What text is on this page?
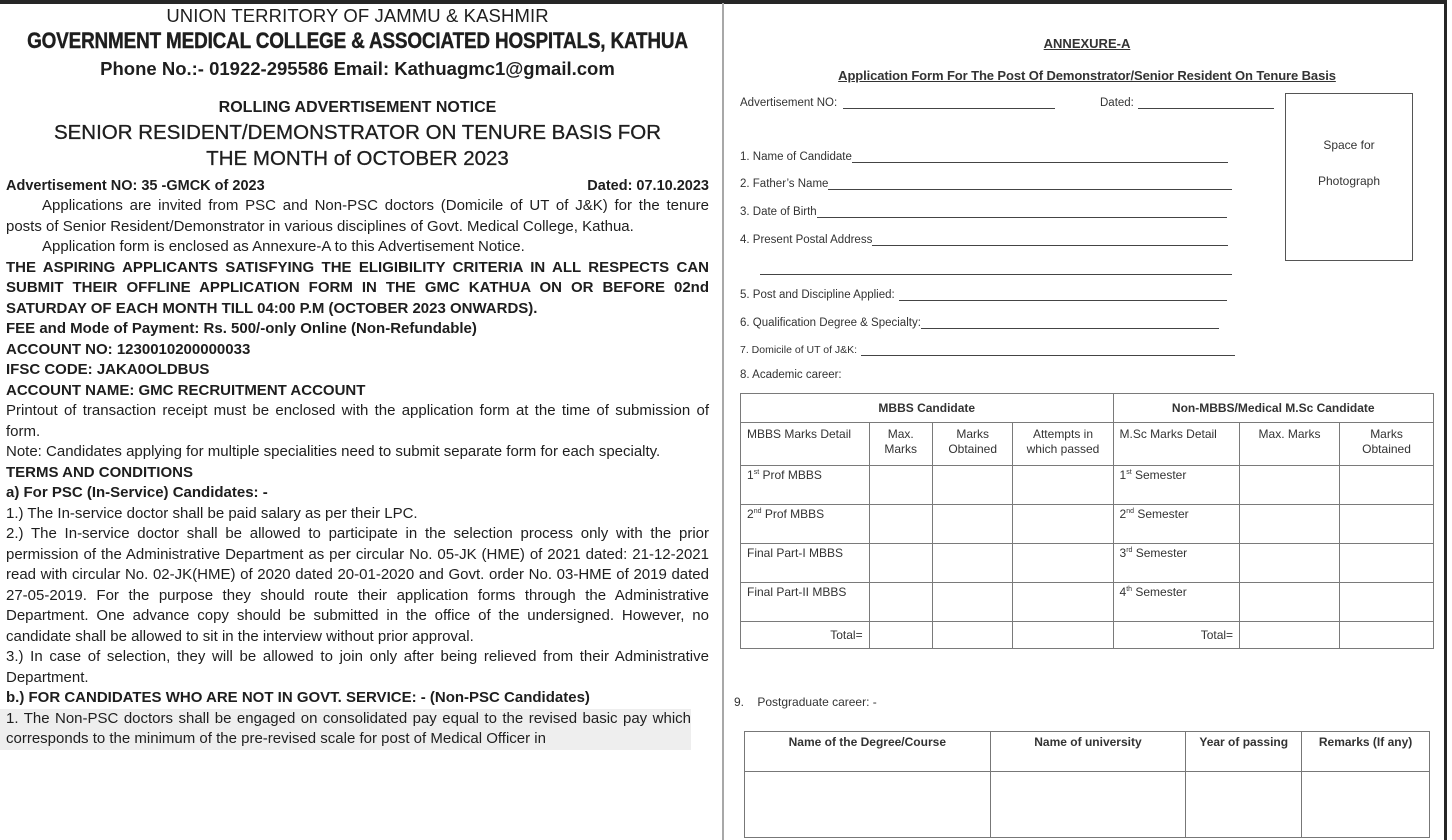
UNION TERRITORY OF JAMMU & KASHMIR
GOVERNMENT MEDICAL COLLEGE & ASSOCIATED HOSPITALS, KATHUA
Phone No.:- 01922-295586 Email: Kathuagmc1@gmail.com
ROLLING ADVERTISEMENT NOTICE
SENIOR RESIDENT/DEMONSTRATOR ON TENURE BASIS FOR
THE MONTH of OCTOBER 2023
Advertisement NO: 35 -GMCK of 2023	Dated: 07.10.2023
Applications are invited from PSC and Non-PSC doctors (Domicile of UT of J&K) for the tenure posts of Senior Resident/Demonstrator in various disciplines of Govt. Medical College, Kathua.
Application form is enclosed as Annexure-A to this Advertisement Notice.
THE ASPIRING APPLICANTS SATISFYING THE ELIGIBILITY CRITERIA IN ALL RESPECTS CAN SUBMIT THEIR OFFLINE APPLICATION FORM IN THE GMC KATHUA ON OR BEFORE 02nd SATURDAY OF EACH MONTH TILL 04:00 P.M (OCTOBER 2023 ONWARDS).
FEE and Mode of Payment: Rs. 500/-only Online (Non-Refundable)
ACCOUNT NO: 1230010200000033
IFSC CODE: JAKA0OLDBUS
ACCOUNT NAME: GMC RECRUITMENT ACCOUNT
Printout of transaction receipt must be enclosed with the application form at the time of submission of form.
Note: Candidates applying for multiple specialities need to submit separate form for each specialty.
TERMS AND CONDITIONS
a) For PSC (In-Service) Candidates: -
1.) The In-service doctor shall be paid salary as per their LPC.
2.) The In-service doctor shall be allowed to participate in the selection process only with the prior permission of the Administrative Department as per circular No. 05-JK (HME) of 2021 dated: 21-12-2021 read with circular No. 02-JK(HME) of 2020 dated 20-01-2020 and Govt. order No. 03-HME of 2019 dated 27-05-2019. For the purpose they should route their application forms through the Administrative Department. One advance copy should be submitted in the office of the undersigned. However, no candidate shall be allowed to sit in the interview without prior approval.
3.) In case of selection, they will be allowed to join only after being relieved from their Administrative Department.
b.) FOR CANDIDATES WHO ARE NOT IN GOVT. SERVICE: - (Non-PSC Candidates)
1. The Non-PSC doctors shall be engaged on consolidated pay equal to the revised basic pay which corresponds to the minimum of the pre-revised scale for post of Medical Officer in
ANNEXURE-A
Application Form For The Post Of Demonstrator/Senior Resident On Tenure Basis
Advertisement NO:	Dated:
Space for
Photograph
1. Name of Candidate
2. Father’s Name
3. Date of Birth
4. Present Postal Address
5. Post and Discipline Applied:
6. Qualification Degree & Specialty:
7. Domicile of UT of J&K:
8. Academic career:
MBBS Candidate				Non-MBBS/Medical M.Sc Candidate		
MBBS Marks Detail	Max. Marks	Marks Obtained	Attempts in which passed	M.Sc Marks Detail	Max. Marks	Marks Obtained
1st Prof MBBS				1st Semester		
2nd Prof MBBS				2nd Semester		
Final Part-I MBBS				3rd Semester		
Final Part-II MBBS				4th Semester		
Total=				Total=		
9. Postgraduate career: -
Name of the Degree/Course	Name of university	Year of passing	Remarks (If any)
